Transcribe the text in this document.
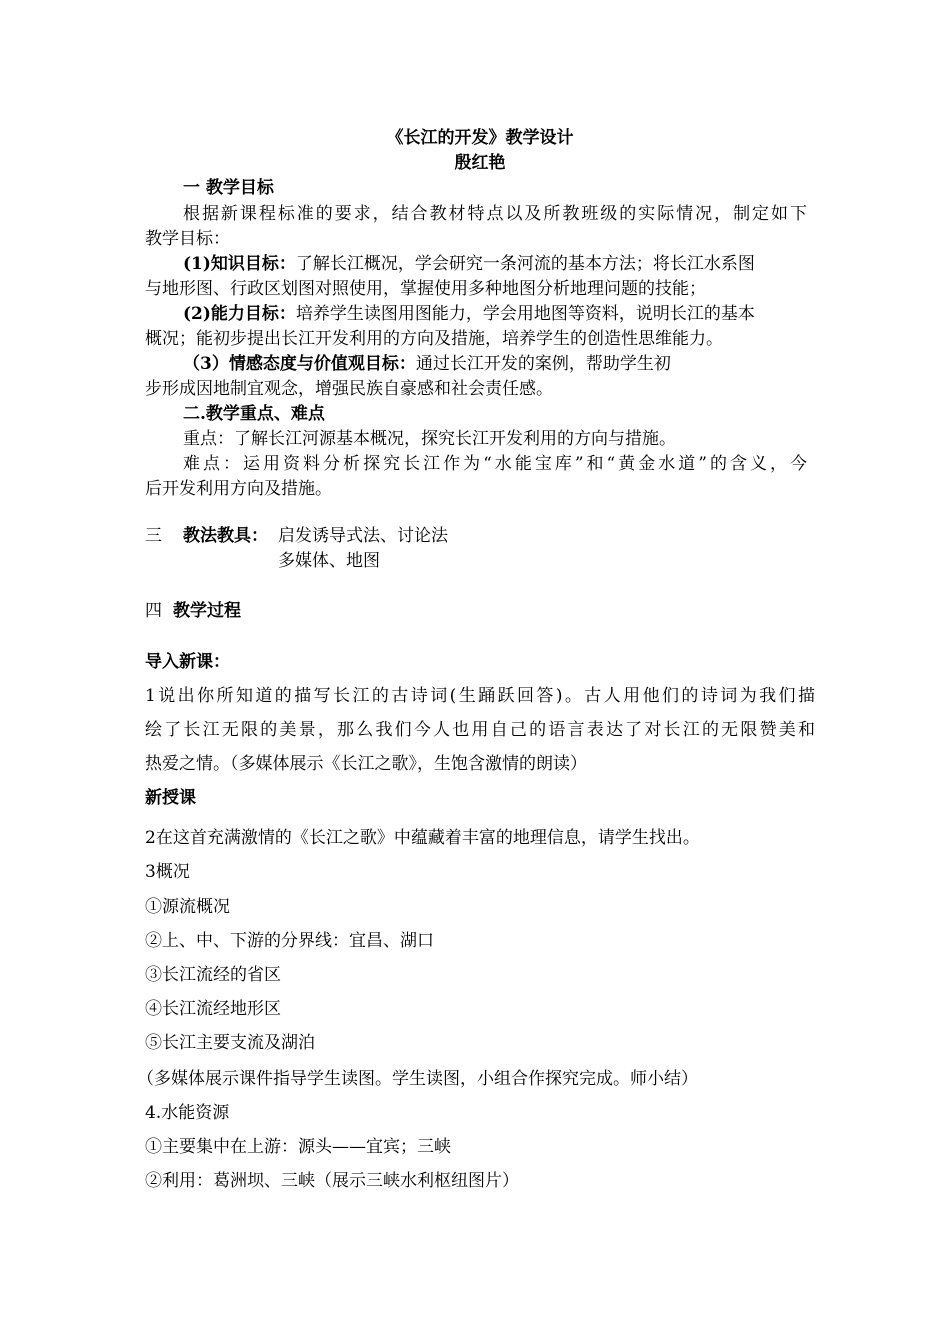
《长江的开发》教学设计
殷红艳
一 教学目标
根据新课程标准的要求，结合教材特点以及所教班级的实际情况，制定如下
教学目标：
(1)知识目标：了解长江概况，学会研究一条河流的基本方法；将长江水系图
与地形图、行政区划图对照使用，掌握使用多种地图分析地理问题的技能；
(2)能力目标：培养学生读图用图能力，学会用地图等资料，说明长江的基本
概况；能初步提出长江开发利用的方向及措施，培养学生的创造性思维能力。
（3）情感态度与价值观目标：通过长江开发的案例，帮助学生初
步形成因地制宜观念，增强民族自豪感和社会责任感。
二.教学重点、难点
重点：了解长江河源基本概况，探究长江开发利用的方向与措施。
难点：运用资料分析探究长江作为“水能宝库”和“黄金水道”的含义，今
后开发利用方向及措施。
三	教法教具： 启发诱导式法、讨论法
多媒体、地图
四 教学过程
导入新课：
1说出你所知道的描写长江的古诗词(生踊跃回答)。古人用他们的诗词为我们描
绘了长江无限的美景，那么我们今人也用自己的语言表达了对长江的无限赞美和
热爱之情。（多媒体展示《长江之歌》，生饱含激情的朗读）
新授课
2在这首充满激情的《长江之歌》中蕴藏着丰富的地理信息，请学生找出。
3概况
①源流概况
②上、中、下游的分界线：宜昌、湖口
③长江流经的省区
④长江流经地形区
⑤长江主要支流及湖泊
（多媒体展示课件指导学生读图。学生读图，小组合作探究完成。师小结）
4.水能资源
①主要集中在上游：源头——宜宾；三峡
②利用：葛洲坝、三峡（展示三峡水利枢纽图片）
